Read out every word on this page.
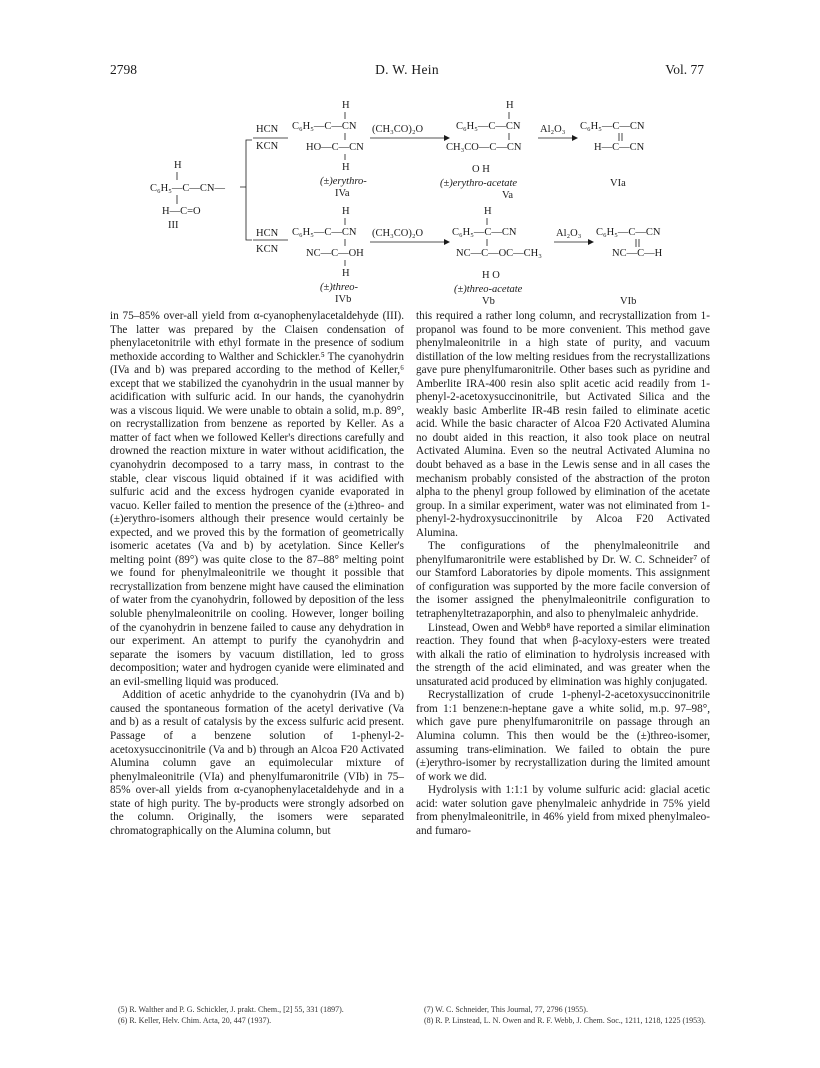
2798	D. W. Hein	Vol. 77
H
C₆H₅—C—CN—
H—C=O
III
HCN
KCN
H
C₆H₅—C—CN
HO—C—CN
H
(±)erythro-
IVa
(CH₃CO)₂O
H
C₆H₅—C—CN
CH₃CO—C—CN
O H
(±)erythro-acetate
Va
Al₂O₃ C₆H₅—C—CN
H—C—CN
VIa
HCN
KCN
H
C₆H₅—C—CN
NC—C—OH
H
(±)threo-
IVb
(CH₃CO)₂O
H
C₆H₅—C—CN
NC—C—OC—CH₃
H O
(±)threo-acetate
Vb
Al₂O₃ C₆H₅—C—CN
NC—C—H
VIb

in 75–85% over-all yield from α-cyanophenylacetaldehyde (III). The latter was prepared by the Claisen condensation of phenylacetonitrile with ethyl formate in the presence of sodium methoxide according to Walther and Schickler.⁵ The cyanohydrin (IVa and b) was prepared according to the method of Keller,⁶ except that we stabilized the cyanohydrin in the usual manner by acidification with sulfuric acid. In our hands, the cyanohydrin was a viscous liquid. We were unable to obtain a solid, m.p. 89°, on recrystallization from benzene as reported by Keller. As a matter of fact when we followed Keller's directions carefully and drowned the reaction mixture in water without acidification, the cyanohydrin decomposed to a tarry mass, in contrast to the stable, clear viscous liquid obtained if it was acidified with sulfuric acid and the excess hydrogen cyanide evaporated in vacuo. Keller failed to mention the presence of the (±)threo- and (±)erythro-isomers although their presence would certainly be expected, and we proved this by the formation of geometrically isomeric acetates (Va and b) by acetylation. Since Keller's melting point (89°) was quite close to the 87–88° melting point we found for phenylmaleonitrile we thought it possible that recrystallization from benzene might have caused the elimination of water from the cyanohydrin, followed by deposition of the less soluble phenylmaleonitrile on cooling. However, longer boiling of the cyanohydrin in benzene failed to cause any dehydration in our experiment. An attempt to purify the cyanohydrin and separate the isomers by vacuum distillation, led to gross decomposition; water and hydrogen cyanide were eliminated and an evil-smelling liquid was produced.

Addition of acetic anhydride to the cyanohydrin (IVa and b) caused the spontaneous formation of the acetyl derivative (Va and b) as a result of catalysis by the excess sulfuric acid present. Passage of a benzene solution of 1-phenyl-2-acetoxysuccinonitrile (Va and b) through an Alcoa F20 Activated Alumina column gave an equimolecular mixture of phenylmaleonitrile (VIa) and phenylfumaronitrile (VIb) in 75–85% over-all yields from α-cyanophenylacetaldehyde and in a state of high purity. The by-products were strongly adsorbed on the column. Originally, the isomers were separated chromatographically on the Alumina column, but

this required a rather long column, and recrystallization from 1-propanol was found to be more convenient. This method gave phenylmaleonitrile in a high state of purity, and vacuum distillation of the low melting residues from the recrystallizations gave pure phenylfumaronitrile. Other bases such as pyridine and Amberlite IRA-400 resin also split acetic acid readily from 1-phenyl-2-acetoxysuccinonitrile, but Activated Silica and the weakly basic Amberlite IR-4B resin failed to eliminate acetic acid. While the basic character of Alcoa F20 Activated Alumina no doubt aided in this reaction, it also took place on neutral Activated Alumina. Even so the neutral Activated Alumina no doubt behaved as a base in the Lewis sense and in all cases the mechanism probably consisted of the abstraction of the proton alpha to the phenyl group followed by elimination of the acetate group. In a similar experiment, water was not eliminated from 1-phenyl-2-hydroxysuccinonitrile by Alcoa F20 Activated Alumina.

The configurations of the phenylmaleonitrile and phenylfumaronitrile were established by Dr. W. C. Schneider⁷ of our Stamford Laboratories by dipole moments. This assignment of configuration was supported by the more facile conversion of the isomer assigned the phenylmaleonitrile configuration to tetraphenyltetrazaporphin, and also to phenylmaleic anhydride.

Linstead, Owen and Webb⁸ have reported a similar elimination reaction. They found that when β-acyloxy-esters were treated with alkali the ratio of elimination to hydrolysis increased with the strength of the acid eliminated, and was greater when the unsaturated acid produced by elimination was highly conjugated.

Recrystallization of crude 1-phenyl-2-acetoxysuccinonitrile from 1:1 benzene:n-heptane gave a white solid, m.p. 97–98°, which gave pure phenylfumaronitrile on passage through an Alumina column. This then would be the (±)threo-isomer, assuming trans-elimination. We failed to obtain the pure (±)erythro-isomer by recrystallization during the limited amount of work we did.

Hydrolysis with 1:1:1 by volume sulfuric acid: glacial acetic acid: water solution gave phenylmaleic anhydride in 75% yield from phenylmaleonitrile, in 46% yield from mixed phenylmaleo- and fumaro-

(5) R. Walther and P. G. Schickler, J. prakt. Chem., [2] 55, 331 (1897).

(6) R. Keller, Helv. Chim. Acta, 20, 447 (1937).

(7) W. C. Schneider, This Journal, 77, 2796 (1955).

(8) R. P. Linstead, L. N. Owen and R. F. Webb, J. Chem. Soc., 1211, 1218, 1225 (1953).
